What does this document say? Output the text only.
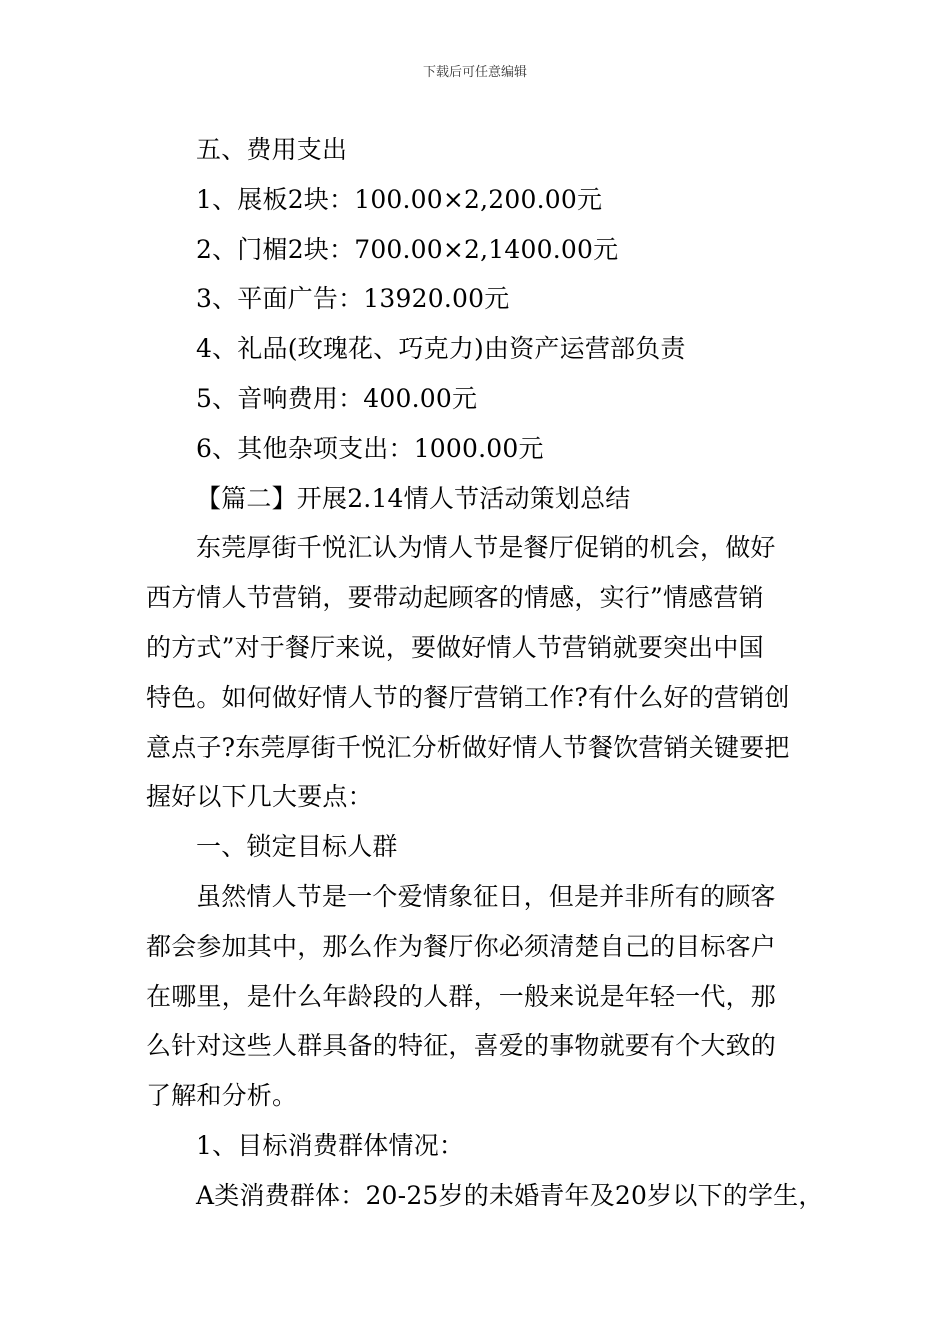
下载后可任意编辑
五、费用支出
1、展板2块：100.00×2,200.00元
2、门楣2块：700.00×2,1400.00元
3、平面广告：13920.00元
4、礼品(玫瑰花、巧克力)由资产运营部负责
5、音响费用：400.00元
6、其他杂项支出：1000.00元
【篇二】开展2.14情人节活动策划总结
东莞厚街千悦汇认为情人节是餐厅促销的机会，做好
西方情人节营销，要带动起顾客的情感，实行”情感营销
的方式”对于餐厅来说，要做好情人节营销就要突出中国
特色。如何做好情人节的餐厅营销工作?有什么好的营销创
意点子?东莞厚街千悦汇分析做好情人节餐饮营销关键要把
握好以下几大要点：
一、锁定目标人群
虽然情人节是一个爱情象征日，但是并非所有的顾客
都会参加其中，那么作为餐厅你必须清楚自己的目标客户
在哪里，是什么年龄段的人群，一般来说是年轻一代，那
么针对这些人群具备的特征，喜爱的事物就要有个大致的
了解和分析。
1、目标消费群体情况：
A类消费群体：20-25岁的未婚青年及20岁以下的学生，
